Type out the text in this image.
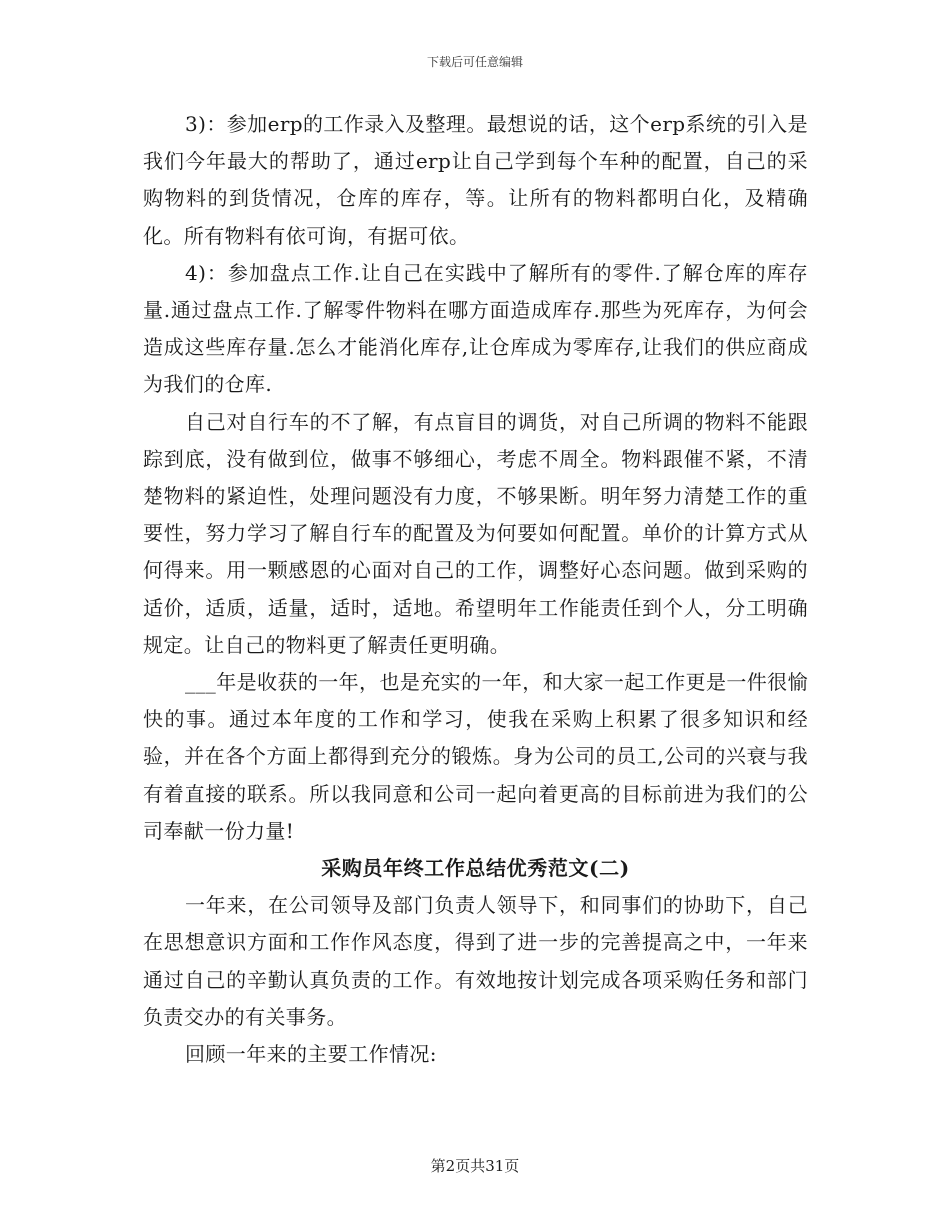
下载后可任意编辑

3)：参加erp的工作录入及整理。最想说的话，这个erp系统的引入是我们今年最大的帮助了，通过erp让自己学到每个车种的配置，自己的采购物料的到货情况，仓库的库存，等。让所有的物料都明白化，及精确化。所有物料有依可询，有据可依。

4)：参加盘点工作.让自己在实践中了解所有的零件.了解仓库的库存量.通过盘点工作.了解零件物料在哪方面造成库存.那些为死库存，为何会造成这些库存量.怎么才能消化库存,让仓库成为零库存,让我们的供应商成为我们的仓库.

自己对自行车的不了解，有点盲目的调货，对自己所调的物料不能跟踪到底，没有做到位，做事不够细心，考虑不周全。物料跟催不紧，不清楚物料的紧迫性，处理问题没有力度，不够果断。明年努力清楚工作的重要性，努力学习了解自行车的配置及为何要如何配置。单价的计算方式从何得来。用一颗感恩的心面对自己的工作，调整好心态问题。做到采购的适价，适质，适量，适时，适地。希望明年工作能责任到个人，分工明确规定。让自己的物料更了解责任更明确。

___年是收获的一年，也是充实的一年，和大家一起工作更是一件很愉快的事。通过本年度的工作和学习，使我在采购上积累了很多知识和经验，并在各个方面上都得到充分的锻炼。身为公司的员工,公司的兴衰与我有着直接的联系。所以我同意和公司一起向着更高的目标前进为我们的公司奉献一份力量!

采购员年终工作总结优秀范文(二)

一年来，在公司领导及部门负责人领导下，和同事们的协助下，自己在思想意识方面和工作作风态度，得到了进一步的完善提高之中，一年来通过自己的辛勤认真负责的工作。有效地按计划完成各项采购任务和部门负责交办的有关事务。

回顾一年来的主要工作情况:

第2页共31页
